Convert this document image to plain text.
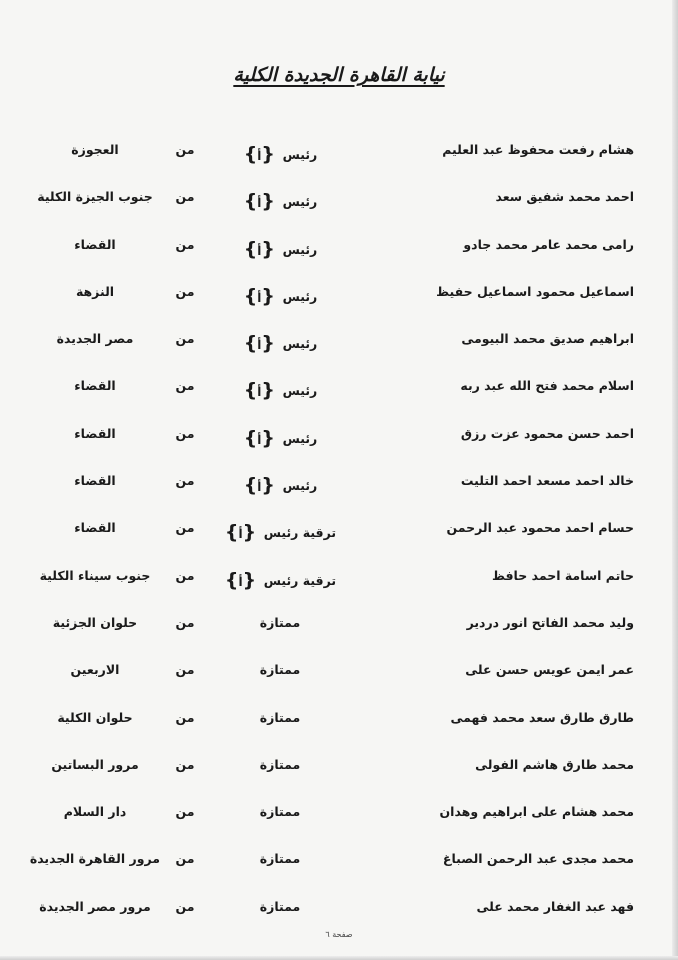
نيابة القاهرة الجديدة الكلية
هشام رفعت محفوظ عبد العليم
رئيس {أ}
من
العجوزة
احمد محمد شفيق سعد
رئيس {أ}
من
جنوب الجيزة الكلية
رامى محمد عامر محمد جادو
رئيس {أ}
من
القضاء
اسماعيل محمود اسماعيل حفيظ
رئيس {أ}
من
النزهة
ابراهيم صديق محمد البيومى
رئيس {أ}
من
مصر الجديدة
اسلام محمد فتح الله عبد ربه
رئيس {أ}
من
القضاء
احمد حسن محمود عزت رزق
رئيس {أ}
من
القضاء
خالد احمد مسعد احمد التليت
رئيس {أ}
من
القضاء
حسام احمد محمود عبد الرحمن
ترقية رئيس {أ}
من
القضاء
حاتم اسامة احمد حافظ
ترقية رئيس {أ}
من
جنوب سيناء الكلية
وليد محمد الفاتح انور دردير
ممتازة
من
حلوان الجزئية
عمر ايمن عويس حسن على
ممتازة
من
الاربعين
طارق طارق سعد محمد فهمى
ممتازة
من
حلوان الكلية
محمد طارق هاشم الفولى
ممتازة
من
مرور البساتين
محمد هشام على ابراهيم وهدان
ممتازة
من
دار السلام
محمد مجدى عبد الرحمن الصباغ
ممتازة
من
مرور القاهرة الجديدة
فهد عبد الغفار محمد على
ممتازة
من
مرور مصر الجديدة
صفحة ٦
